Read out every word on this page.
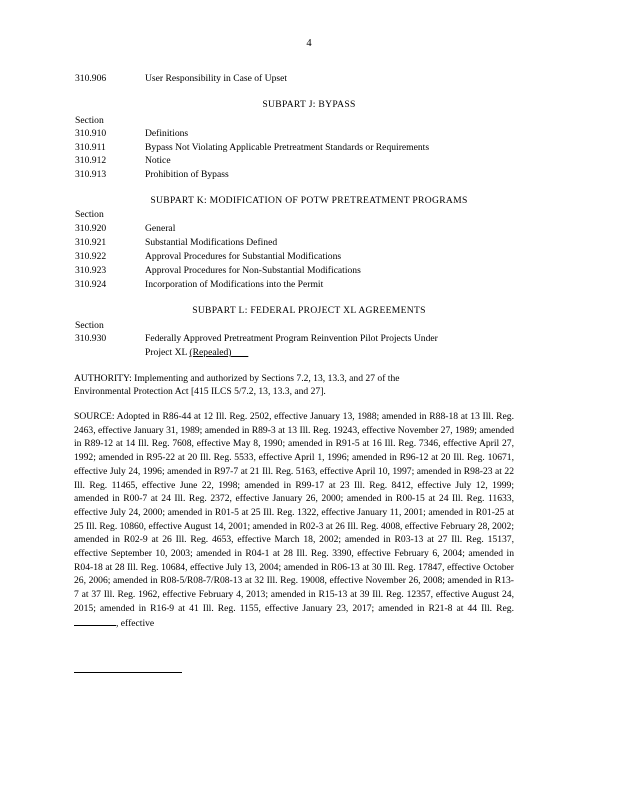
4
310.906	User Responsibility in Case of Upset
SUBPART J: BYPASS
Section
310.910	Definitions
310.911	Bypass Not Violating Applicable Pretreatment Standards or Requirements
310.912	Notice
310.913	Prohibition of Bypass
SUBPART K: MODIFICATION OF POTW PRETREATMENT PROGRAMS
Section
310.920	General
310.921	Substantial Modifications Defined
310.922	Approval Procedures for Substantial Modifications
310.923	Approval Procedures for Non-Substantial Modifications
310.924	Incorporation of Modifications into the Permit
SUBPART L: FEDERAL PROJECT XL AGREEMENTS
Section
310.930	Federally Approved Pretreatment Program Reinvention Pilot Projects Under
Project XL (Repealed)
AUTHORITY: Implementing and authorized by Sections 7.2, 13, 13.3, and 27 of the
Environmental Protection Act [415 ILCS 5/7.2, 13, 13.3, and 27].
SOURCE: Adopted in R86-44 at 12 Ill. Reg. 2502, effective January 13, 1988; amended in R88-18 at 13 Ill. Reg. 2463, effective January 31, 1989; amended in R89-3 at 13 Ill. Reg. 19243, effective November 27, 1989; amended in R89-12 at 14 Ill. Reg. 7608, effective May 8, 1990; amended in R91-5 at 16 Ill. Reg. 7346, effective April 27, 1992; amended in R95-22 at 20 Ill. Reg. 5533, effective April 1, 1996; amended in R96-12 at 20 Ill. Reg. 10671, effective July 24, 1996; amended in R97-7 at 21 Ill. Reg. 5163, effective April 10, 1997; amended in R98-23 at 22 Ill. Reg. 11465, effective June 22, 1998; amended in R99-17 at 23 Ill. Reg. 8412, effective July 12, 1999; amended in R00-7 at 24 Ill. Reg. 2372, effective January 26, 2000; amended in R00-15 at 24 Ill. Reg. 11633, effective July 24, 2000; amended in R01-5 at 25 Ill. Reg. 1322, effective January 11, 2001; amended in R01-25 at 25 Ill. Reg. 10860, effective August 14, 2001; amended in R02-3 at 26 Ill. Reg. 4008, effective February 28, 2002; amended in R02-9 at 26 Ill. Reg. 4653, effective March 18, 2002; amended in R03-13 at 27 Ill. Reg. 15137, effective September 10, 2003; amended in R04-1 at 28 Ill. Reg. 3390, effective February 6, 2004; amended in R04-18 at 28 Ill. Reg. 10684, effective July 13, 2004; amended in R06-13 at 30 Ill. Reg. 17847, effective October 26, 2006; amended in R08-5/R08-7/R08-13 at 32 Ill. Reg. 19008, effective November 26, 2008; amended in R13-7 at 37 Ill. Reg. 1962, effective February 4, 2013; amended in R15-13 at 39 Ill. Reg. 12357, effective August 24, 2015; amended in R16-9 at 41 Ill. Reg. 1155, effective January 23, 2017; amended in R21-8 at 44 Ill. Reg. , effective
